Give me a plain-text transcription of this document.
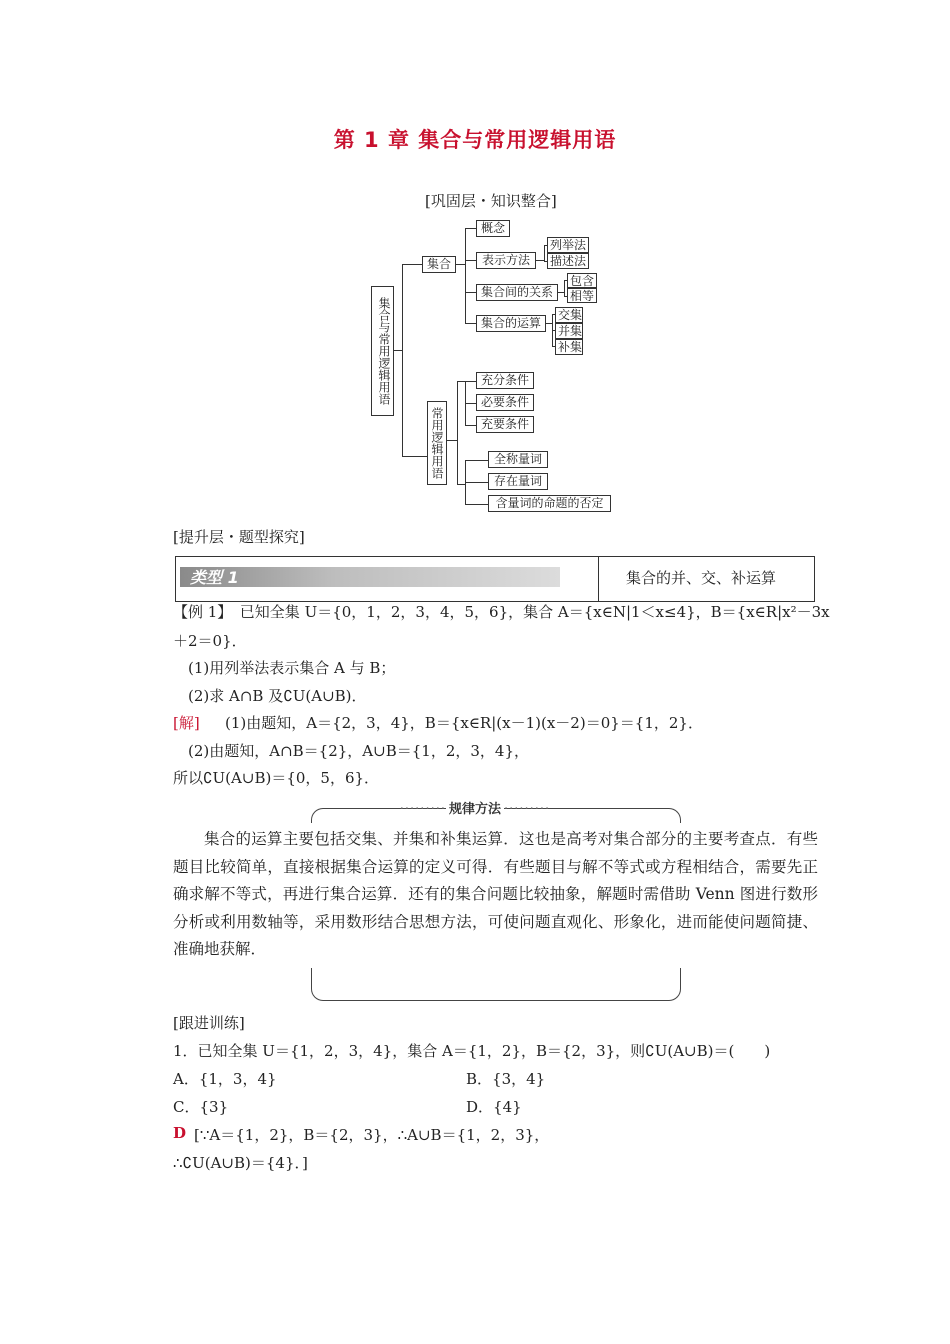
第 1 章 集合与常用逻辑用语
[巩固层・知识整合]
集合与常用逻辑用语
集合
概念
表示方法
列举法
描述法
集合间的关系
包含
相等
集合的运算
交集
并集
补集
常用逻辑用语
充分条件
必要条件
充要条件
全称量词
存在量词
含量词的命题的否定
[提升层・题型探究]
类型 1	集合的并、交、补运算
【例 1】　已知全集 U＝{0，1，2，3，4，5，6}，集合 A＝{x∈N|1＜x≤4}，B＝{x∈R|x²－3x
＋2＝0}．
(1)用列举法表示集合 A 与 B；
(2)求 A∩B 及∁U(A∪B)．
[解] (1)由题知，A＝{2，3，4}，B＝{x∈R|(x－1)(x－2)＝0}＝{1，2}．
(2)由题知，A∩B＝{2}，A∪B＝{1，2，3，4}，
所以∁U(A∪B)＝{0，5，6}．
········· 规律方法 ·········
集合的运算主要包括交集、并集和补集运算．这也是高考对集合部分的主要考查点．有些题目比较简单，直接根据集合运算的定义可得．有些题目与解不等式或方程相结合，需要先正确求解不等式，再进行集合运算．还有的集合问题比较抽象，解题时需借助 Venn 图进行数形分析或利用数轴等，采用数形结合思想方法，可使问题直观化、形象化，进而能使问题简捷、准确地获解．
[跟进训练]
1．已知全集 U＝{1，2，3，4}，集合 A＝{1，2}，B＝{2，3}，则∁U(A∪B)＝(　　)
A．{1，3，4}	B．{3，4}
C．{3}	D．{4}
D [∵A＝{1，2}，B＝{2，3}，∴A∪B＝{1，2，3}，
∴∁U(A∪B)＝{4}．]
